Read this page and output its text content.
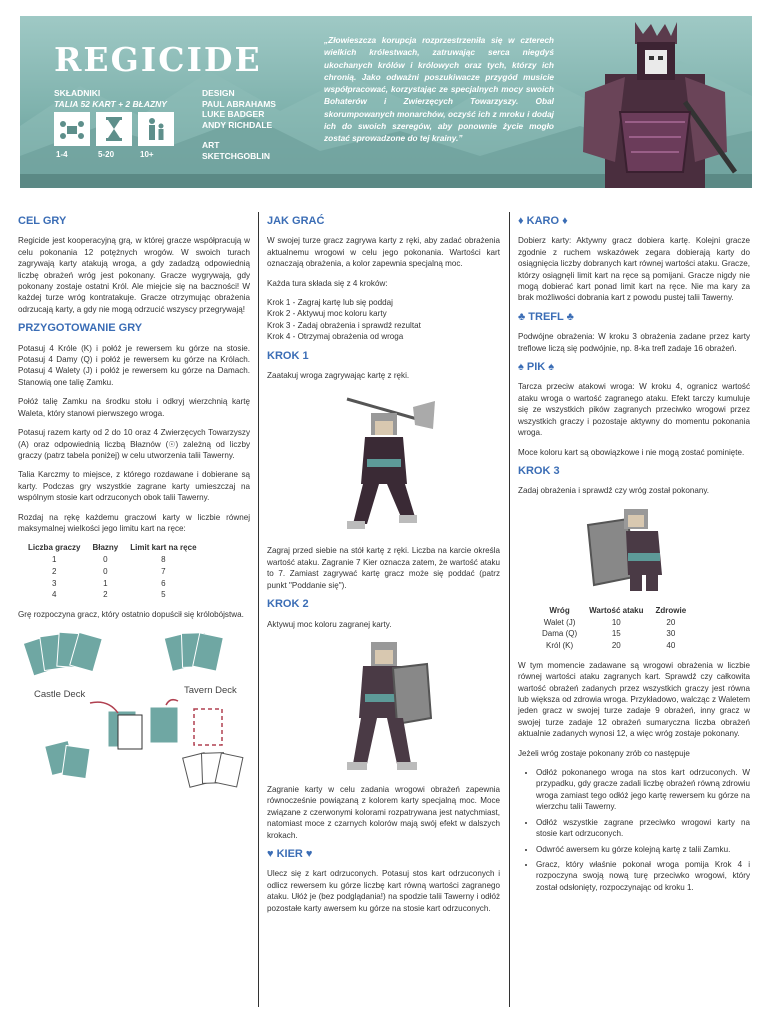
REGICIDE
SKŁADNIKI
TALIA 52 KART + 2 BŁAZNY
1-4	5-20	10+
DESIGN
PAUL ABRAHAMS
LUKE BADGER
ANDY RICHDALE
ART
SKETCHGOBLIN
„Złowieszcza korupcja rozprzestrzeniła się w czterech wielkich królestwach, zatruwając serca niegdyś ukochanych królów i królowych oraz tych, którzy ich chronią. Jako odważni poszukiwacze przygód musicie współpracować, korzystając ze specjalnych mocy swoich Bohaterów i Zwierzęcych Towarzyszy. Obal skorumpowanych monarchów, oczyść ich z mroku i dodaj ich do swoich szeregów, aby ponownie życie mogło zostać sprowadzone do tej krainy.”
CEL GRY

Regicide jest kooperacyjną grą, w której gracze współpracują w celu pokonania 12 potężnych wrogów. W swoich turach zagrywają karty atakują wroga, a gdy zadadzą odpowiednią liczbę obrażeń wróg jest pokonany. Gracze wygrywają, gdy pokonany zostaje ostatni Król. Ale miejcie się na baczności! W każdej turze wróg kontratakuje. Gracze otrzymując obrażenia odrzucają karty, a gdy nie mogą odrzucić wszyscy przegrywają!

PRZYGOTOWANIE GRY

Potasuj 4 Króle (K) i połóż je rewersem ku górze na stosie. Potasuj 4 Damy (Q) i połóż je rewersem ku górze na Królach. Potasuj 4 Walety (J) i połóż je rewersem ku górze na Damach. Stanowią one talię Zamku.

Połóż talię Zamku na środku stołu i odkryj wierzchnią kartę Waleta, który stanowi pierwszego wroga.

Potasuj razem karty od 2 do 10 oraz 4 Zwierzęcych Towarzyszy (A) oraz odpowiednią liczbą Błaznów (☉) zależną od liczby graczy (patrz tabela poniżej) w celu utworzenia talii Tawerny.

Talia Karczmy to miejsce, z którego rozdawane i dobierane są karty. Podczas gry wszystkie zagrane karty umieszczaj na wspólnym stosie kart odrzuconych obok talii Tawerny.

Rozdaj na rękę każdemu graczowi karty w liczbie równej maksymalnej wielkości jego limitu kart na ręce:

Liczba graczy	Błazny	Limit kart na ręce
1	0	8
2	0	7
3	1	6
4	2	5

Grę rozpoczyna gracz, który ostatnio dopuścił się królobójstwa.

Castle Deck	Tavern Deck
JAK GRAĆ

W swojej turze gracz zagrywa karty z ręki, aby zadać obrażenia aktualnemu wrogowi w celu jego pokonania. Wartości kart oznaczają obrażenia, a kolor zapewnia specjalną moc.

Każda tura składa się z 4 kroków:

Krok 1 - Zagraj kartę lub się poddaj
Krok 2 - Aktywuj moc koloru karty
Krok 3 - Zadaj obrażenia i sprawdź rezultat
Krok 4 - Otrzymaj obrażenia od wroga
KROK 1

Zaatakuj wroga zagrywając kartę z ręki.

Zagraj przed siebie na stół kartę z ręki. Liczba na karcie określa wartość ataku. Zagranie 7 Kier oznacza zatem, że wartość ataku to 7. Zamiast zagrywać kartę gracz może się poddać (patrz punkt "Poddanie się").

KROK 2

Aktywuj moc koloru zagranej karty.

Zagranie karty w celu zadania wrogowi obrażeń zapewnia równocześnie powiązaną z kolorem karty specjalną moc. Moce związane z czerwonymi kolorami rozpatrywana jest natychmiast, natomiast moce z czarnych kolorów mają swój efekt w dalszych krokach.

♥ KIER ♥

Ulecz się z kart odrzuconych. Potasuj stos kart odrzuconych i odlicz rewersem ku górze liczbę kart równą wartości zagranego ataku. Ułóż je (bez podglądania!) na spodzie talii Tawerny i odłóż pozostałe karty awersem ku górze na stosie kart odrzuconych.

♦ KARO ♦

Dobierz karty: Aktywny gracz dobiera kartę. Kolejni gracze zgodnie z ruchem wskazówek zegara dobierają karty do osiągnięcia liczby dobranych kart równej wartości ataku. Gracze, którzy osiągnęli limit kart na ręce są pomijani. Gracze nigdy nie mogą dobierać kart ponad limit kart na ręce. Nie ma kary za brak możliwości dobrania kart z powodu pustej talii Tawerny.

♣ TREFL ♣

Podwójne obrażenia: W kroku 3 obrażenia zadane przez karty treflowe liczą się podwójnie, np. 8-ka trefl zadaje 16 obrażeń.

♠ PIK ♠

Tarcza przeciw atakowi wroga: W kroku 4, ogranicz wartość ataku wroga o wartość zagranego ataku. Efekt tarczy kumuluje się ze wszystkich pików zagranych przeciwko wrogowi przez wszystkich graczy i pozostaje aktywny do momentu pokonania wroga.

Moce koloru kart są obowiązkowe i nie mogą zostać pominięte.

KROK 3

Zadaj obrażenia i sprawdź czy wróg został pokonany.

Wróg	Wartość ataku	Zdrowie
Walet (J)	10	20
Dama (Q)	15	30
Król (K)	20	40

W tym momencie zadawane są wrogowi obrażenia w liczbie równej wartości ataku zagranych kart. Sprawdź czy całkowita wartość obrażeń zadanych przez wszystkich graczy jest równa lub większa od zdrowia wroga. Przykładowo, walcząc z Waletem jeden gracz w swojej turze zadaje 9 obrażeń, inny gracz w swojej turze zadaje 12 obrażeń sumaryczna liczba obrażeń aktualnie zadanych wynosi 12, a więc wróg zostaje pokonany.

Jeżeli wróg zostaje pokonany zrób co następuje

• Odłóż pokonanego wroga na stos kart odrzuconych. W przypadku, gdy gracze zadali liczbę obrażeń równą zdrowiu wroga zamiast tego odłóż jego kartę rewersem ku górze na wierzchu talii Tawerny.
• Odłóż wszystkie zagrane przeciwko wrogowi karty na stosie kart odrzuconych.
• Odwróć awersem ku górze kolejną kartę z talii Zamku.
• Gracz, który właśnie pokonał wroga pomija Krok 4 i rozpoczyna swoją nową turę przeciwko wrogowi, który został odsłonięty, rozpoczynając od kroku 1.
